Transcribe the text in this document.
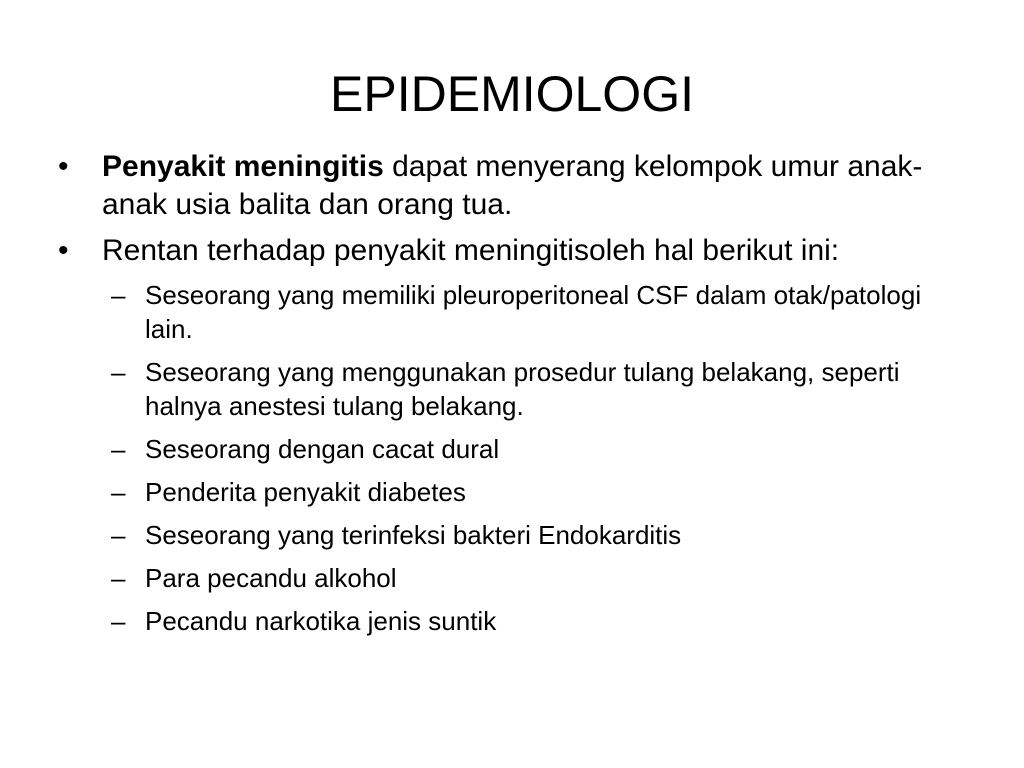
EPIDEMIOLOGI
•	Penyakit meningitis dapat menyerang kelompok umur anak-anak usia balita dan orang tua.
•	Rentan terhadap penyakit meningitisoleh hal berikut ini:
– Seseorang yang memiliki pleuroperitoneal CSF dalam otak/patologi lain.
– Seseorang yang menggunakan prosedur tulang belakang, seperti halnya anestesi tulang belakang.
– Seseorang dengan cacat dural
– Penderita penyakit diabetes
– Seseorang yang terinfeksi bakteri Endokarditis
– Para pecandu alkohol
– Pecandu narkotika jenis suntik
